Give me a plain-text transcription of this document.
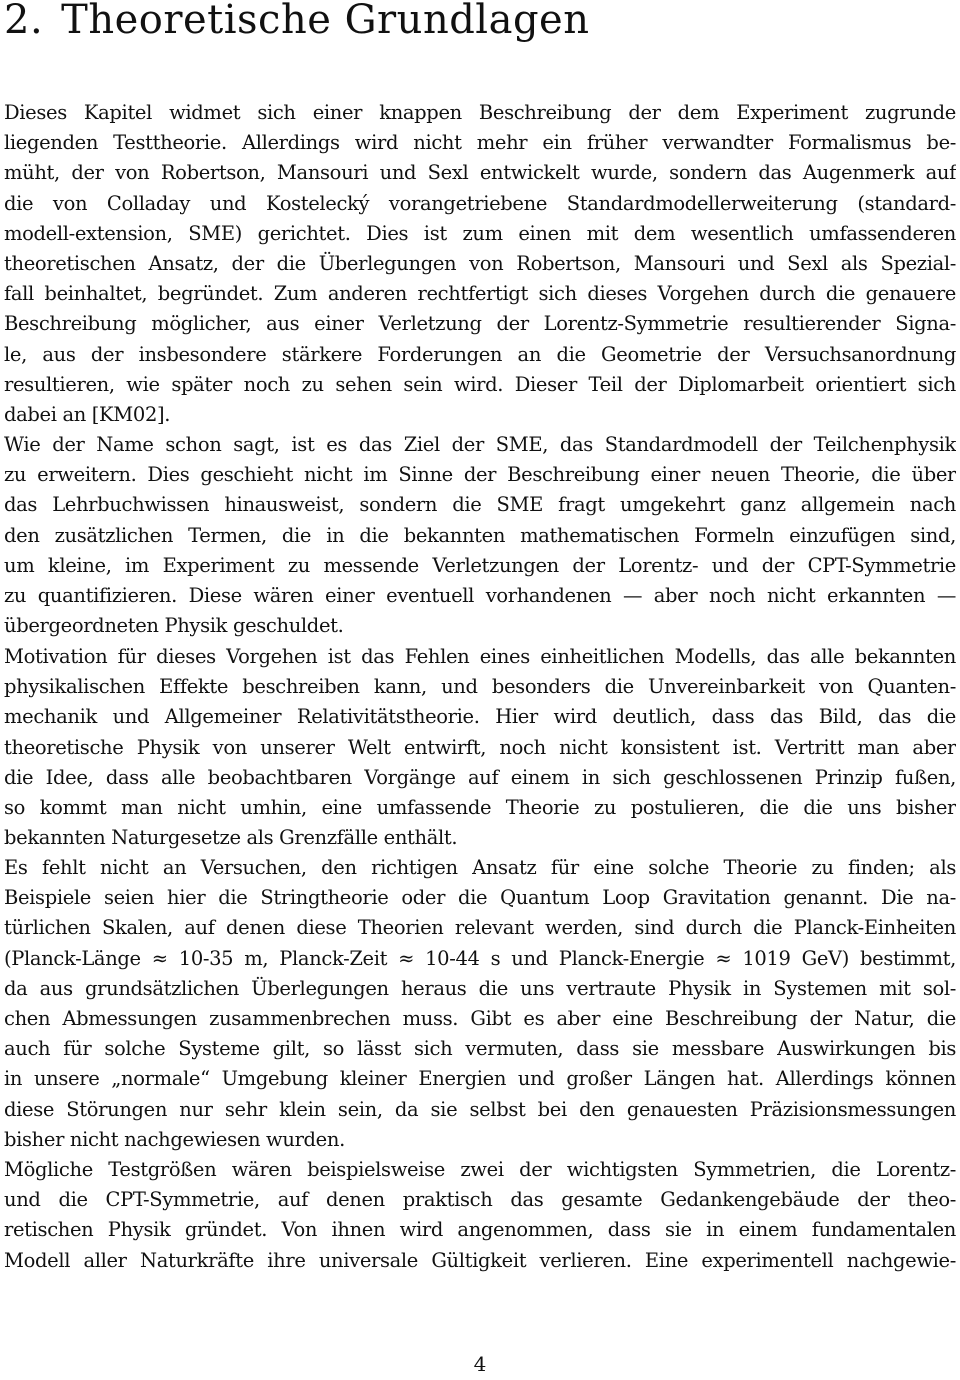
2. Theoretische Grundlagen
Dieses Kapitel widmet sich einer knappen Beschreibung der dem Experiment zugrunde
liegenden Testtheorie. Allerdings wird nicht mehr ein früher verwandter Formalismus be-
müht, der von Robertson, Mansouri und Sexl entwickelt wurde, sondern das Augenmerk auf
die von Colladay und Kostelecký vorangetriebene Standardmodellerweiterung (standard-
modell-extension, SME) gerichtet. Dies ist zum einen mit dem wesentlich umfassenderen
theoretischen Ansatz, der die Überlegungen von Robertson, Mansouri und Sexl als Spezial-
fall beinhaltet, begründet. Zum anderen rechtfertigt sich dieses Vorgehen durch die genauere
Beschreibung möglicher, aus einer Verletzung der Lorentz-Symmetrie resultierender Signa-
le, aus der insbesondere stärkere Forderungen an die Geometrie der Versuchsanordnung
resultieren, wie später noch zu sehen sein wird. Dieser Teil der Diplomarbeit orientiert sich
dabei an [KM02].
Wie der Name schon sagt, ist es das Ziel der SME, das Standardmodell der Teilchenphysik
zu erweitern. Dies geschieht nicht im Sinne der Beschreibung einer neuen Theorie, die über
das Lehrbuchwissen hinausweist, sondern die SME fragt umgekehrt ganz allgemein nach
den zusätzlichen Termen, die in die bekannten mathematischen Formeln einzufügen sind,
um kleine, im Experiment zu messende Verletzungen der Lorentz- und der CPT-Symmetrie
zu quantifizieren. Diese wären einer eventuell vorhandenen — aber noch nicht erkannten —
übergeordneten Physik geschuldet.
Motivation für dieses Vorgehen ist das Fehlen eines einheitlichen Modells, das alle bekannten
physikalischen Effekte beschreiben kann, und besonders die Unvereinbarkeit von Quanten-
mechanik und Allgemeiner Relativitätstheorie. Hier wird deutlich, dass das Bild, das die
theoretische Physik von unserer Welt entwirft, noch nicht konsistent ist. Vertritt man aber
die Idee, dass alle beobachtbaren Vorgänge auf einem in sich geschlossenen Prinzip fußen,
so kommt man nicht umhin, eine umfassende Theorie zu postulieren, die die uns bisher
bekannten Naturgesetze als Grenzfälle enthält.
Es fehlt nicht an Versuchen, den richtigen Ansatz für eine solche Theorie zu finden; als
Beispiele seien hier die Stringtheorie oder die Quantum Loop Gravitation genannt. Die na-
türlichen Skalen, auf denen diese Theorien relevant werden, sind durch die Planck-Einheiten
(Planck-Länge ≈ 10-35 m, Planck-Zeit ≈ 10-44 s und Planck-Energie ≈ 1019 GeV) bestimmt,
da aus grundsätzlichen Überlegungen heraus die uns vertraute Physik in Systemen mit sol-
chen Abmessungen zusammenbrechen muss. Gibt es aber eine Beschreibung der Natur, die
auch für solche Systeme gilt, so lässt sich vermuten, dass sie messbare Auswirkungen bis
in unsere „normale“ Umgebung kleiner Energien und großer Längen hat. Allerdings können
diese Störungen nur sehr klein sein, da sie selbst bei den genauesten Präzisionsmessungen
bisher nicht nachgewiesen wurden.
Mögliche Testgrößen wären beispielsweise zwei der wichtigsten Symmetrien, die Lorentz-
und die CPT-Symmetrie, auf denen praktisch das gesamte Gedankengebäude der theo-
retischen Physik gründet. Von ihnen wird angenommen, dass sie in einem fundamentalen
Modell aller Naturkräfte ihre universale Gültigkeit verlieren. Eine experimentell nachgewie-
4
